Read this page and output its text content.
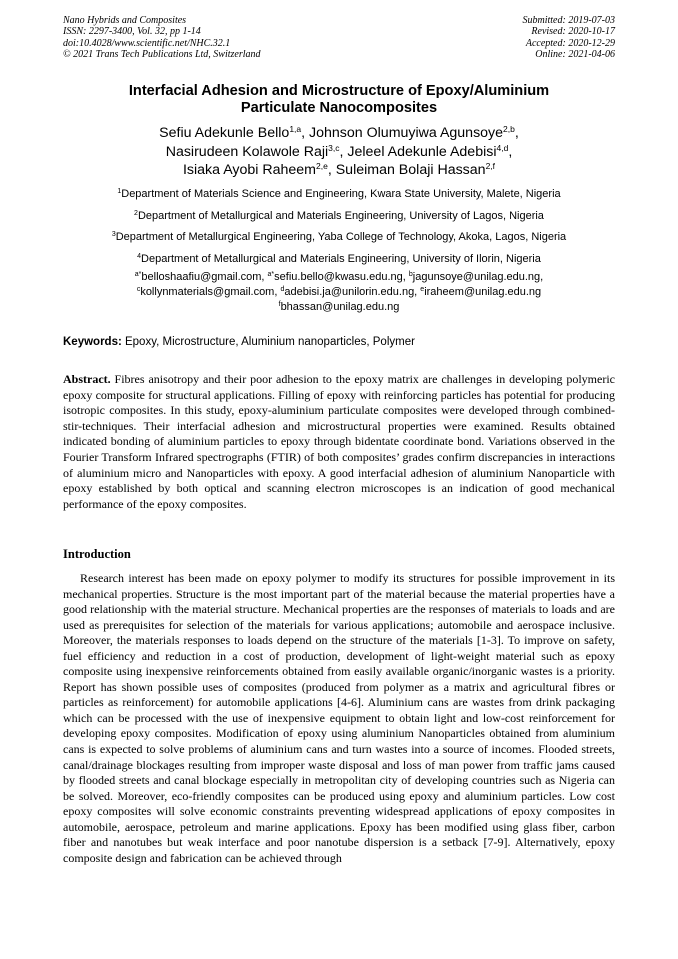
Nano Hybrids and Composites
ISSN: 2297-3400, Vol. 32, pp 1-14
doi:10.4028/www.scientific.net/NHC.32.1
© 2021 Trans Tech Publications Ltd, Switzerland
Submitted: 2019-07-03
Revised: 2020-10-17
Accepted: 2020-12-29
Online: 2021-04-06
Interfacial Adhesion and Microstructure of Epoxy/Aluminium
Particulate Nanocomposites
Sefiu Adekunle Bello$^{1,a}$, Johnson Olumuyiwa Agunsoye$^{2,b}$,
Nasirudeen Kolawole Raji$^{3,c}$, Jeleel Adekunle Adebisi$^{4,d}$,
Isiaka Ayobi Raheem$^{2,e}$, Suleiman Bolaji Hassan$^{2,f}$
$^1$Department of Materials Science and Engineering, Kwara State University, Malete, Nigeria
$^2$Department of Metallurgical and Materials Engineering, University of Lagos, Nigeria
$^3$Department of Metallurgical Engineering, Yaba College of Technology, Akoka, Lagos, Nigeria
$^4$Department of Metallurgical and Materials Engineering, University of Ilorin, Nigeria
$^{a*}$belloshaafiu@gmail.com, $^{a*}$sefiu.bello@kwasu.edu.ng, $^b$jagunsoye@unilag.edu.ng,
$^c$kollynmaterials@gmail.com, $^d$adebisi.ja@unilorin.edu.ng, $^e$iraheem@unilag.edu.ng
$^f$bhassan@unilag.edu.ng
Keywords: Epoxy, Microstructure, Aluminium nanoparticles, Polymer
Abstract. Fibres anisotropy and their poor adhesion to the epoxy matrix are challenges in developing polymeric epoxy composite for structural applications. Filling of epoxy with reinforcing particles has potential for producing isotropic composites. In this study, epoxy-aluminium particulate composites were developed through combined-stir-techniques. Their interfacial adhesion and microstructural properties were examined. Results obtained indicated bonding of aluminium particles to epoxy through bidentate coordinate bond. Variations observed in the Fourier Transform Infrared spectrographs (FTIR) of both composites’ grades confirm discrepancies in interactions of aluminium micro and Nanoparticles with epoxy. A good interfacial adhesion of aluminium Nanoparticle with epoxy established by both optical and scanning electron microscopes is an indication of good mechanical performance of the epoxy composites.
Introduction
Research interest has been made on epoxy polymer to modify its structures for possible improvement in its mechanical properties. Structure is the most important part of the material because the material properties have a good relationship with the material structure. Mechanical properties are the responses of materials to loads and are used as prerequisites for selection of the materials for various applications; automobile and aerospace inclusive. Moreover, the materials responses to loads depend on the structure of the materials [1-3]. To improve on safety, fuel efficiency and reduction in a cost of production, development of light-weight material such as epoxy composite using inexpensive reinforcements obtained from easily available organic/inorganic wastes is a priority. Report has shown possible uses of composites (produced from polymer as a matrix and agricultural fibres or particles as reinforcement) for automobile applications [4-6]. Aluminium cans are wastes from drink packaging which can be processed with the use of inexpensive equipment to obtain light and low-cost reinforcement for developing epoxy composites. Modification of epoxy using aluminium Nanoparticles obtained from aluminium cans is expected to solve problems of aluminium cans and turn wastes into a source of incomes. Flooded streets, canal/drainage blockages resulting from improper waste disposal and loss of man power from traffic jams caused by flooded streets and canal blockage especially in metropolitan city of developing countries such as Nigeria can be solved. Moreover, eco-friendly composites can be produced using epoxy and aluminium particles. Low cost epoxy composites will solve economic constraints preventing widespread applications of epoxy composites in automobile, aerospace, petroleum and marine applications. Epoxy has been modified using glass fiber, carbon fiber and nanotubes but weak interface and poor nanotube dispersion is a setback [7-9]. Alternatively, epoxy composite design and fabrication can be achieved through
